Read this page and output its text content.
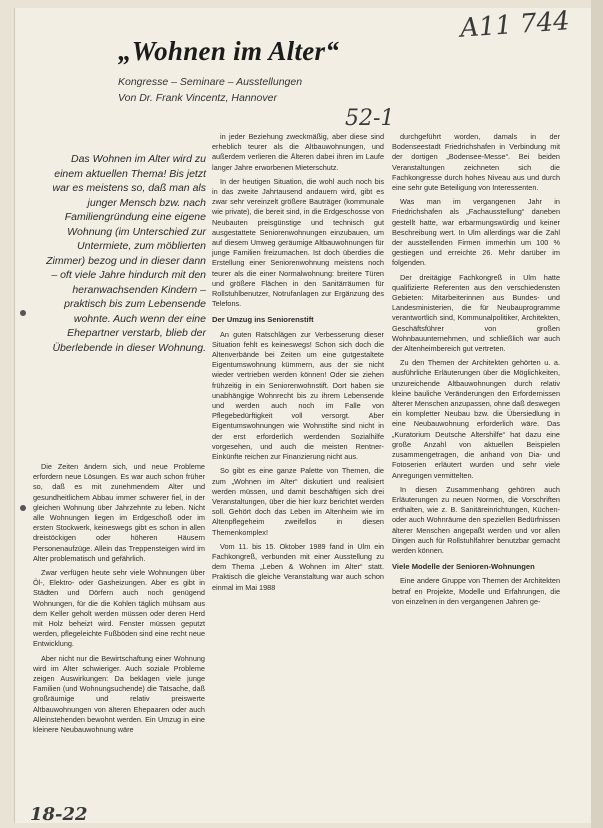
A11 744
„Wohnen im Alter“
Kongresse – Seminare – Ausstellungen
Von Dr. Frank Vincentz, Hannover
52-1
Das Wohnen im Alter wird zu einem aktuellen Thema! Bis jetzt war es meistens so, daß man als junger Mensch bzw. nach Familiengründung eine eigene Wohnung (im Unterschied zur Untermiete, zum möblierten Zimmer) bezog und in dieser dann – oft viele Jahre hindurch mit den heranwachsenden Kindern – praktisch bis zum Lebensende wohnte. Auch wenn der eine Ehepartner verstarb, blieb der Überlebende in dieser Wohnung.

Die Zeiten ändern sich, und neue Probleme erfordern neue Lösungen. Es war auch schon früher so, daß es mit zunehmendem Alter und gesundheitlichem Abbau immer schwerer fiel, in der gleichen Wohnung über Jahrzehnte zu leben. Nicht alle Wohnungen liegen im Erdgeschoß oder im ersten Stockwerk, keineswegs gibt es schon in allen dreistöckigen oder höheren Häusern Personenaufzüge. Allein das Treppensteigen wird im Alter problematisch und gefährlich.

Zwar verfügen heute sehr viele Wohnungen über Öl-, Elektro- oder Gasheizungen. Aber es gibt in Städten und Dörfern auch noch genügend Wohnungen, für die die Kohlen täglich mühsam aus dem Keller geholt werden müssen oder deren Herd mit Holz beheizt wird. Fenster müssen geputzt werden, pflegeleichte Fußböden sind eine recht neue Entwicklung.

Aber nicht nur die Bewirtschaftung einer Wohnung wird im Alter schwieriger. Auch soziale Probleme zeigen Auswirkungen: Da beklagen viele junge Familien (und Wohnungsuchende) die Tatsache, daß großräumige und relativ preiswerte Altbauwohnungen von älteren Ehepaaren oder auch Alleinstehenden bewohnt werden. Ein Umzug in eine kleinere Neubauwohnung wäre

in jeder Beziehung zweckmäßig, aber diese sind erheblich teurer als die Altbauwohnungen, und außerdem verlieren die Älteren dabei ihren im Laufe langer Jahre erworbenen Mieterschutz.

In der heutigen Situation, die wohl auch noch bis in das zweite Jahrtausend andauern wird, gibt es zwar sehr vereinzelt größere Bauträger (kommunale wie private), die bereit sind, in die Erdgeschosse von Neubauten preisgünstige und technisch gut ausgestattete Seniorenwohnungen einzubauen, um auf diesem Umweg geräumige Altbauwohnungen für junge Familien freizumachen. Ist doch überdies die Erstellung einer Seniorenwohnung meistens noch teurer als die einer Normalwohnung: breitere Türen und größere Flächen in den Sanitärräumen für Rollstuhlbenutzer, Notrufanlagen zur Ergänzung des Telefons.

Der Umzug ins Seniorenstift

An guten Ratschlägen zur Verbesserung dieser Situation fehlt es keineswegs! Schon sich doch die Altenverbände bei Zeiten um eine gutgestaltete Eigentumswohnung kümmern, aus der sie nicht wieder vertrieben werden können! Oder sie ziehen frühzeitig in ein Seniorenwohnstift. Dort haben sie unabhängige Wohnrecht bis zu ihrem Lebensende und werden auch noch im Falle von Pflegebedürftigkeit voll versorgt. Aber Eigentumswohnungen wie Wohnstifte sind nicht in der erst erforderlich werdenden Sozialhilfe vorgesehen, und auch die meisten Rentner-Einkünfte reichen zur Finanzierung nicht aus.

So gibt es eine ganze Palette von Themen, die zum „Wohnen im Alter“ diskutiert und realisiert werden müssen, und damit beschäftigen sich drei Veranstaltungen, über die hier kurz berichtet werden soll. Gehört doch das Leben im Altenheim wie im Altenpflegeheim zweifellos in diesen Themenkomplex!

Vom 11. bis 15. Oktober 1989 fand in Ulm ein Fachkongreß, verbunden mit einer Ausstellung zu dem Thema „Leben & Wohnen im Alter“ statt. Praktisch die gleiche Veranstaltung war auch schon einmal im Mai 1988

durchgeführt worden, damals in der Bodenseestadt Friedrichshafen in Verbindung mit der dortigen „Bodensee-Messe“. Bei beiden Veranstaltungen zeichneten sich die Fachkongresse durch hohes Niveau aus und durch eine sehr gute Beteiligung von Interessenten.

Was man im vergangenen Jahr in Friedrichshafen als „Fachausstellung“ daneben gestellt hatte, war erbarmungswürdig und keiner Beschreibung wert. In Ulm allerdings war die Zahl der ausstellenden Firmen immerhin um 100 % gestiegen und erreichte 26. Mehr darüber im folgenden.

Der dreitägige Fachkongreß in Ulm hatte qualifizierte Referenten aus den verschiedensten Gebieten: Mitarbeiterinnen aus Bundes- und Landesministerien, die für Neubauprogramme verantwortlich sind, Kommunalpolitiker, Architekten, Geschäftsführer von großen Wohnbauunternehmen, und schließlich war auch der Altenheimbereich gut vertreten.

Zu den Themen der Architekten gehörten u. a. ausführliche Erläuterungen über die Möglichkeiten, unzureichende Altbauwohnungen durch relativ kleine bauliche Veränderungen den Erfordernissen älterer Menschen anzupassen, ohne daß deswegen ein kompletter Neubau bzw. die Übersiedlung in eine Neubauwohnung erforderlich wäre. Das „Kuratorium Deutsche Altershilfe“ hat dazu eine große Anzahl von aktuellen Beispielen zusammengetragen, die anhand von Dia- und Fotoserien erläutert wurden und sehr viele Anregungen vermittelten.

In diesen Zusammenhang gehören auch Erläuterungen zu neuen Normen, die Vorschriften enthalten, wie z. B. Sanitäreinrichtungen, Küchen- oder auch Wohnräume den speziellen Bedürfnissen älterer Menschen angepaßt werden und vor allen Dingen auch für Rollstuhlfahrer benutzbar gemacht werden können.

Viele Modelle der Senioren-Wohnungen

Eine andere Gruppe von Themen der Architekten betraf en Projekte, Modelle und Erfahrungen, die von einzelnen in den vergangenen Jahren ge-

18-22
